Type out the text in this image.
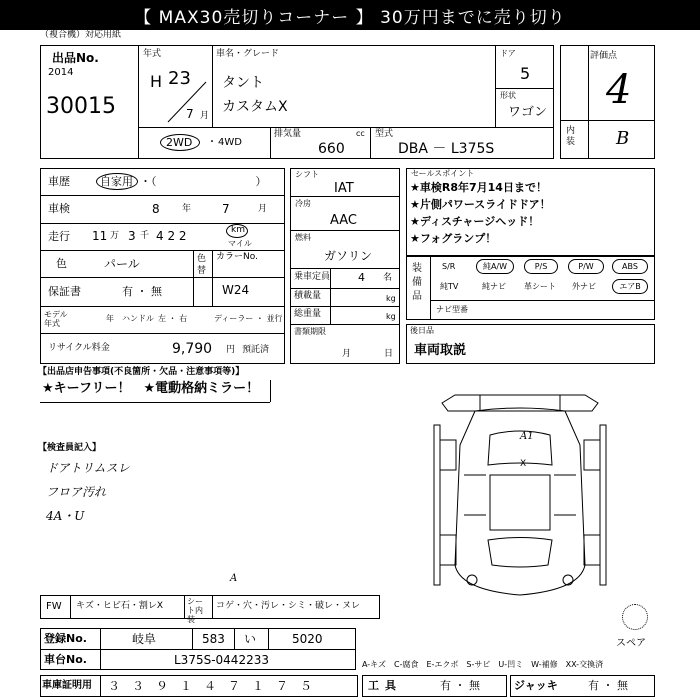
【 MAX30売切りコーナー 】 30万円までに売り切り
（複合機）対応用紙
出品No.
2014
30015
年式
H 23
7 月
車名・グレード
タント
カスタムX
ドア
5
形状
ワゴン
2WD ・ 4WD
排気量	cc
660
型式
DBA － L375S
評価点
4
内装 B
車歴	自家用 ・（　　　　　　　　　）
車検	8 年	7	月
走行 11 万 3 千 4 2 2	km
マイル
色	パール	色替
カラーNo.
W24
保証書	有 ・ 無
モデル年式
年 ハンドル 左 ・ 右	ディーラー ・ 並行
リサイクル料金	9,790 円 預託済
シフト
IAT
冷房
AAC
燃料
ガソリン
乗車定員	4 名
積載量	kg
総重量	kg
書類期限
月	日
セールスポイント
★車検R8年7月14日まで！
★片側パワースライドドア！
★ディスチャージヘッド！
★フォグランプ！
装備品
S/R	純A/W	P/S	P/W	ABS
純TV	純ナビ 革シート 外ナビ	エアB
ナビ型番
後日品
車両取説
【出品店申告事項(不良箇所・欠品・注意事項等)】
★キーフリー！　★電動格納ミラー！
【検査員記入】
ドアトリムスレ
フロア汚れ
4A・U
A1
X
A
スペア
FW キズ・ヒビ石・割レX	シート内装
コゲ・穴・汚レ・シミ・破レ・ヌレ
登録No.	岐阜	583 い	5020
車台No.	L375S-0442233	A-キズ　C-腐食　E-エクボ　S-サビ　U-凹ミ　W-補修　XX-交換済
車庫証明用 ３　３　９　１　４　７　１　７　５	工具	有 ・ 無	ジャッキ	有 ・ 無
